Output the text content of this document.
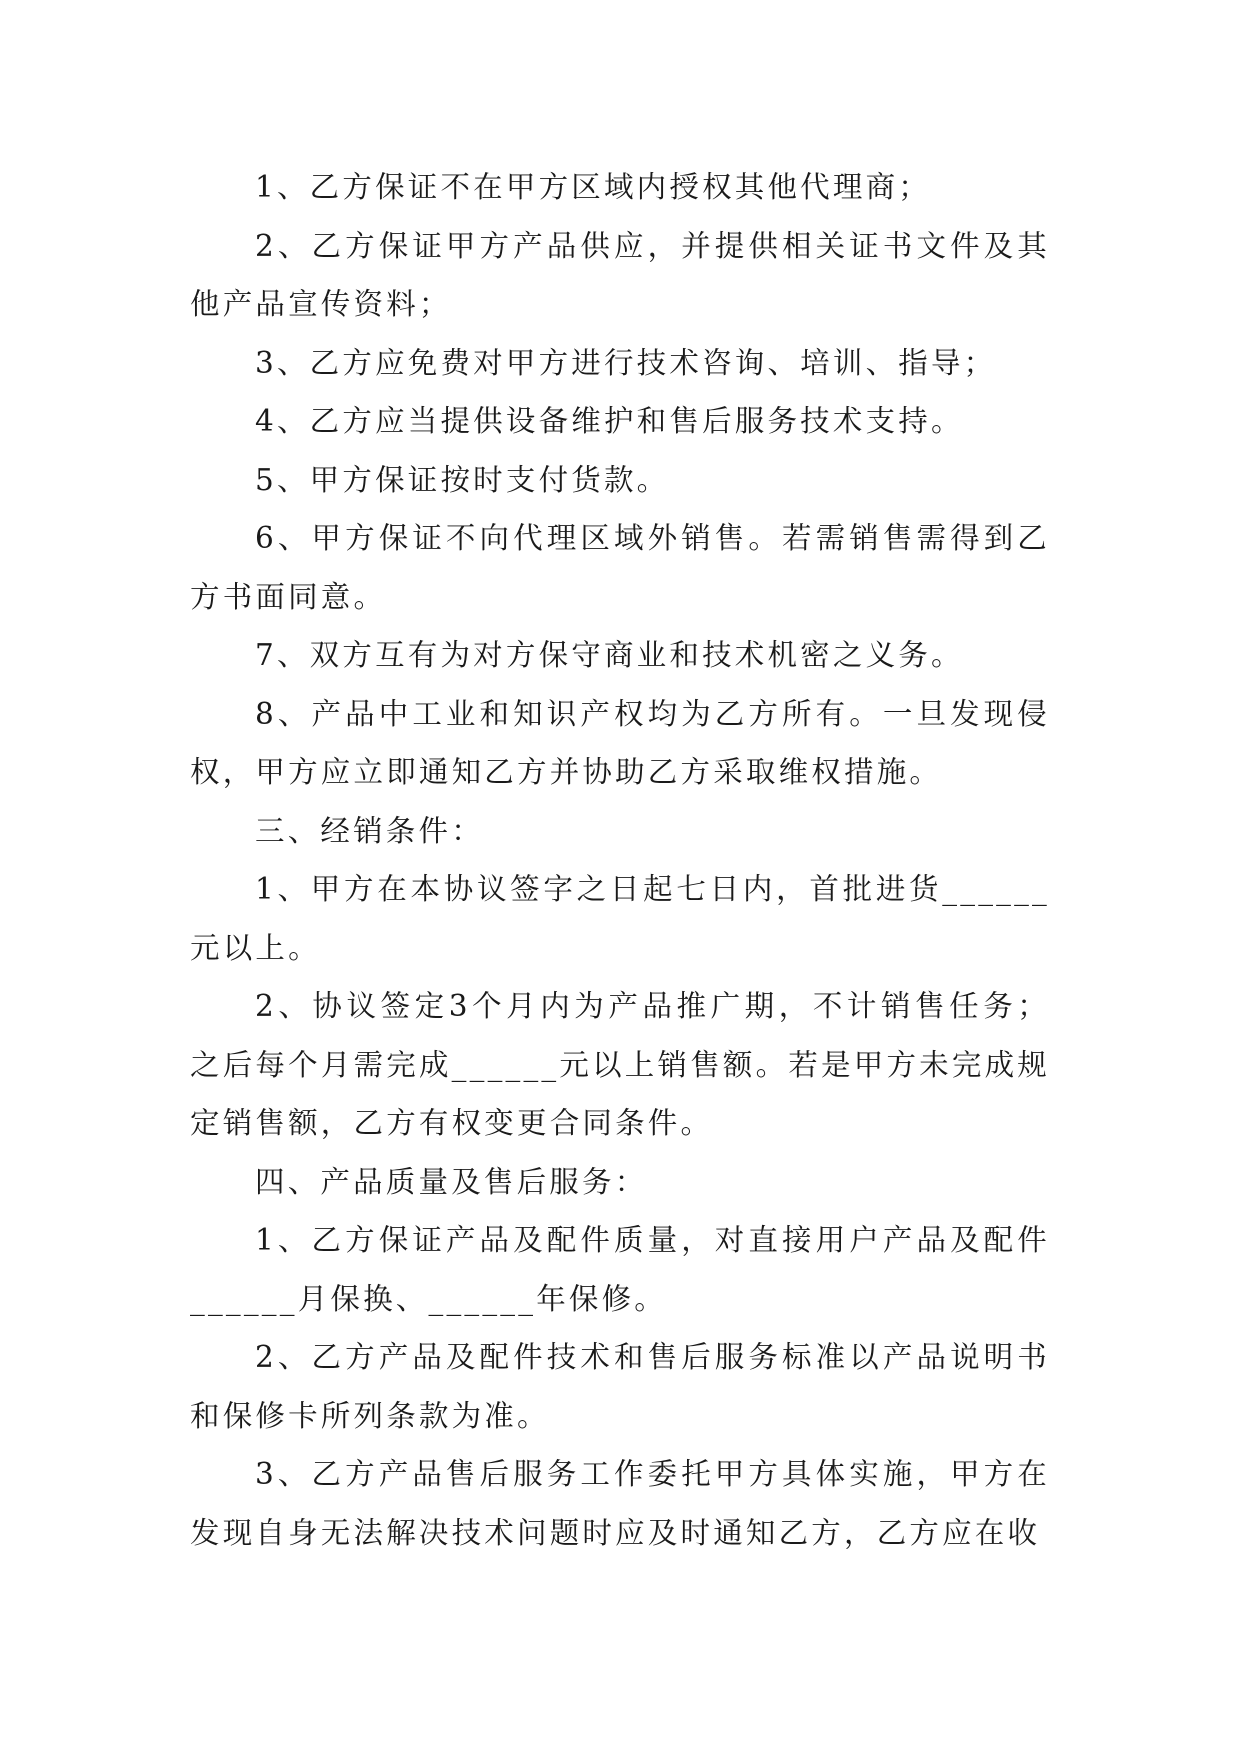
1、乙方保证不在甲方区域内授权其他代理商；

2、乙方保证甲方产品供应，并提供相关证书文件及其他产品宣传资料；

3、乙方应免费对甲方进行技术咨询、培训、指导；

4、乙方应当提供设备维护和售后服务技术支持。

5、甲方保证按时支付货款。

6、甲方保证不向代理区域外销售。若需销售需得到乙方书面同意。

7、双方互有为对方保守商业和技术机密之义务。

8、产品中工业和知识产权均为乙方所有。一旦发现侵权，甲方应立即通知乙方并协助乙方采取维权措施。

三、经销条件：

1、甲方在本协议签字之日起七日内，首批进货______元以上。

2、协议签定3个月内为产品推广期，不计销售任务；之后每个月需完成______元以上销售额。若是甲方未完成规定销售额，乙方有权变更合同条件。

四、产品质量及售后服务：

1、乙方保证产品及配件质量，对直接用户产品及配件______月保换、______年保修。

2、乙方产品及配件技术和售后服务标准以产品说明书和保修卡所列条款为准。

3、乙方产品售后服务工作委托甲方具体实施，甲方在发现自身无法解决技术问题时应及时通知乙方，乙方应在收
